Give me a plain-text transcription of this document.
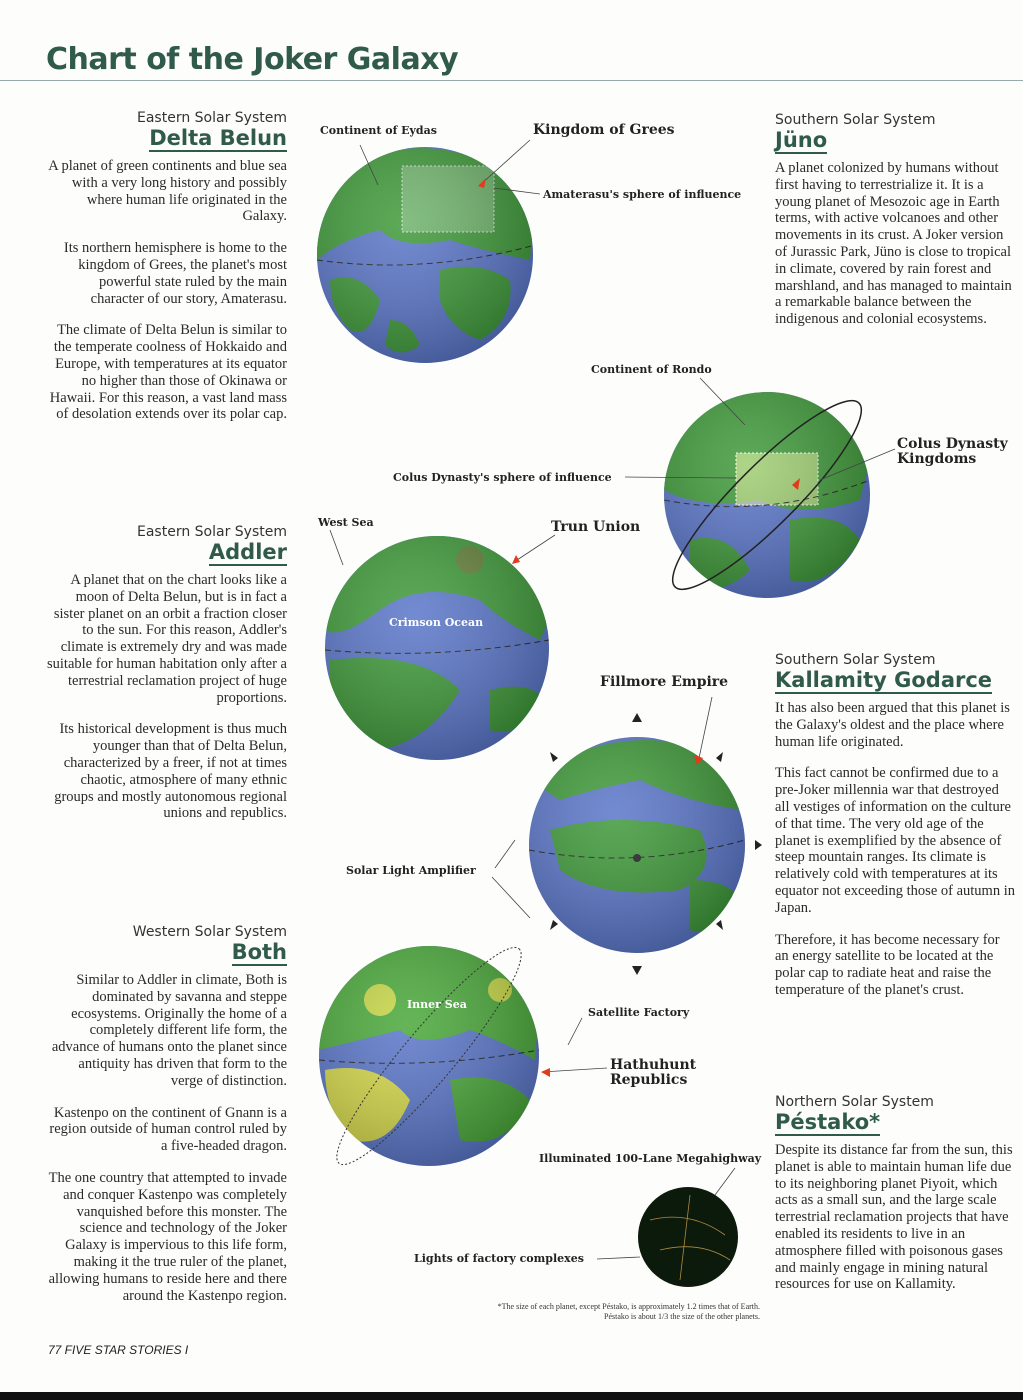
Chart of the Joker Galaxy
Eastern Solar System
Delta Belun

A planet of green continents and blue sea with a very long history and possibly where human life originated in the Galaxy.

Its northern hemisphere is home to the kingdom of Grees, the planet's most powerful state ruled by the main character of our story, Amaterasu.

The climate of Delta Belun is similar to the temperate coolness of Hokkaido and Europe, with temperatures at its equator no higher than those of Okinawa or Hawaii. For this reason, a vast land mass of desolation extends over its polar cap.

Eastern Solar System
Addler

A planet that on the chart looks like a moon of Delta Belun, but is in fact a sister planet on an orbit a fraction closer to the sun. For this reason, Addler's climate is extremely dry and was made suitable for human habitation only after a terrestrial reclamation project of huge proportions.

Its historical development is thus much younger than that of Delta Belun, characterized by a freer, if not at times chaotic, atmosphere of many ethnic groups and mostly autonomous regional unions and republics.

Western Solar System
Both

Similar to Addler in climate, Both is dominated by savanna and steppe ecosystems. Originally the home of a completely different life form, the advance of humans onto the planet since antiquity has driven that form to the verge of distinction.

Kastenpo on the continent of Gnann is a region outside of human control ruled by a five-headed dragon.

The one country that attempted to invade and conquer Kastenpo was completely vanquished before this monster. The science and technology of the Joker Galaxy is impervious to this life form, making it the true ruler of the planet, allowing humans to reside here and there around the Kastenpo region.

Southern Solar System
Jüno

A planet colonized by humans without first having to terrestrialize it. It is a young planet of Mesozoic age in Earth terms, with active volcanoes and other movements in its crust. A Joker version of Jurassic Park, Jüno is close to tropical in climate, covered by rain forest and marshland, and has managed to maintain a remarkable balance between the indigenous and colonial ecosystems.

Southern Solar System
Kallamity Godarce

It has also been argued that this planet is the Galaxy's oldest and the place where human life originated.

This fact cannot be confirmed due to a pre-Joker millennia war that destroyed all vestiges of information on the culture of that time. The very old age of the planet is exemplified by the absence of steep mountain ranges. Its climate is relatively cold with temperatures at its equator not exceeding those of autumn in Japan.

Therefore, it has become necessary for an energy satellite to be located at the polar cap to radiate heat and raise the temperature of the planet's crust.

Northern Solar System
Péstako*

Despite its distance far from the sun, this planet is able to maintain human life due to its neighboring planet Piyoit, which acts as a small sun, and the large scale terrestrial reclamation projects that have enabled its residents to live in an atmosphere filled with poisonous gases and mainly engage in mining natural resources for use on Kallamity.

Continent of Eydas	Kingdom of Grees
Amaterasu's sphere of influence
Continent of Rondo
Colus Dynasty Kingdoms
Colus Dynasty's sphere of influence
West Sea	Trun Union
Crimson Ocean
Fillmore Empire
Solar Light Amplifier
Inner Sea
Satellite Factory
Hathuhunt Republics
Illuminated 100-Lane Megahighway
Lights of factory complexes
*The size of each planet, except Péstako, is approximately 1.2 times that of Earth. Péstako is about 1/3 the size of the other planets.
77 FIVE STAR STORIES I
